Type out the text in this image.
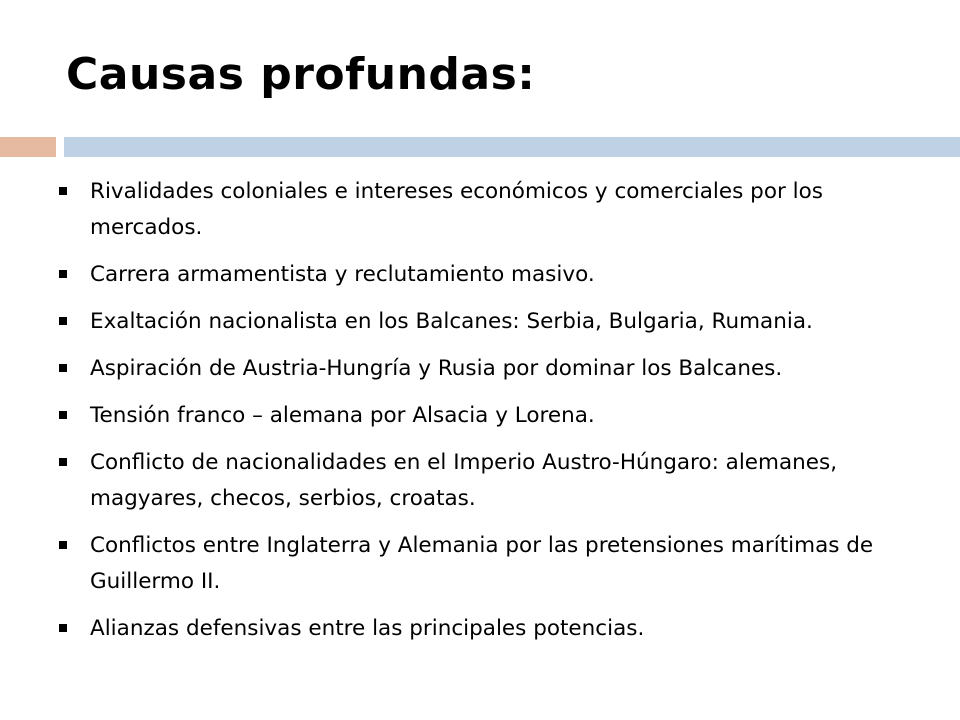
Causas profundas:
Rivalidades coloniales e intereses económicos y comerciales por los mercados.
Carrera armamentista y reclutamiento masivo.
Exaltación nacionalista en los Balcanes: Serbia, Bulgaria, Rumania.
Aspiración de Austria-Hungría y Rusia por dominar los Balcanes.
Tensión franco – alemana por Alsacia y Lorena.
Conflicto de nacionalidades en el Imperio Austro-Húngaro: alemanes, magyares, checos, serbios, croatas.
Conflictos entre Inglaterra y Alemania por las pretensiones marítimas de Guillermo II.
Alianzas defensivas entre las principales potencias.
